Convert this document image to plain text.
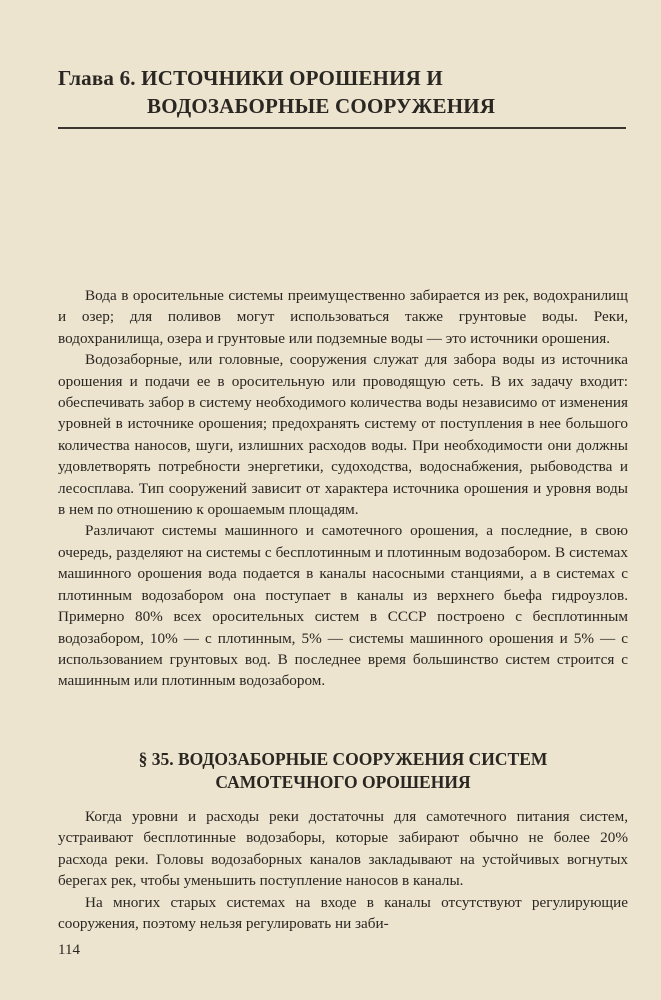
Глава 6. ИСТОЧНИКИ ОРОШЕНИЯ И
ВОДОЗАБОРНЫЕ СООРУЖЕНИЯ

Вода в оросительные системы преимущественно забирается из рек, водохранилищ и озер; для поливов могут использоваться также грунтовые воды. Реки, водохранилища, озера и грунтовые или подземные воды — это источники орошения.

Водозаборные, или головные, сооружения служат для забора воды из источника орошения и подачи ее в оросительную или проводящую сеть. В их задачу входит: обеспечивать забор в систему необходимого количества воды независимо от изменения уровней в источнике орошения; предохранять систему от поступления в нее большого количества наносов, шуги, излишних расходов воды. При необходимости они должны удовлетворять потребности энергетики, судоходства, водоснабжения, рыбоводства и лесосплава. Тип сооружений зависит от характера источника орошения и уровня воды в нем по отношению к орошаемым площадям.

Различают системы машинного и самотечного орошения, а последние, в свою очередь, разделяют на системы с бесплотинным и плотинным водозабором. В системах машинного орошения вода подается в каналы насосными станциями, а в системах с плотинным водозабором она поступает в каналы из верхнего бьефа гидроузлов. Примерно 80% всех оросительных систем в СССР построено с бесплотинным водозабором, 10% — с плотинным, 5% — системы машинного орошения и 5% — с использованием грунтовых вод. В последнее время большинство систем строится с машинным или плотинным водозабором.

§ 35. ВОДОЗАБОРНЫЕ СООРУЖЕНИЯ СИСТЕМ
САМОТЕЧНОГО ОРОШЕНИЯ

Когда уровни и расходы реки достаточны для самотечного питания систем, устраивают бесплотинные водозаборы, которые забирают обычно не более 20% расхода реки. Головы водозаборных каналов закладывают на устойчивых вогнутых берегах рек, чтобы уменьшить поступление наносов в каналы.

На многих старых системах на входе в каналы отсутствуют регулирующие сооружения, поэтому нельзя регулировать ни заби-

114
